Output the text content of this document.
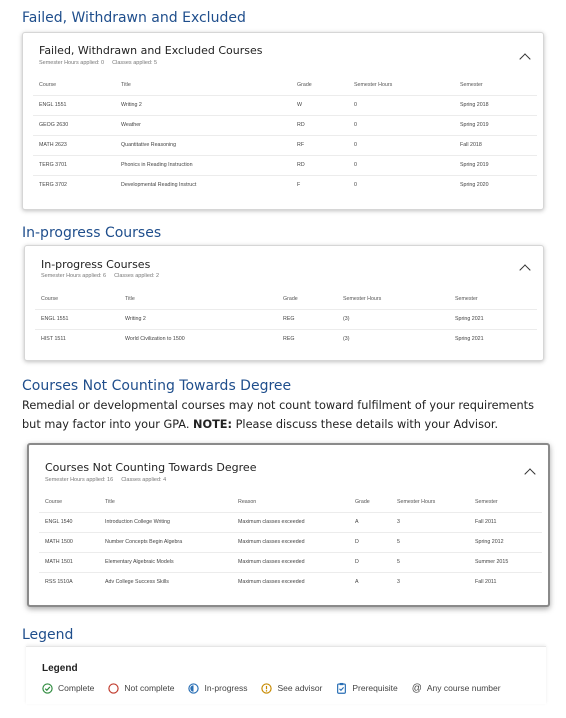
Failed, Withdrawn and Excluded
Failed, Withdrawn and Excluded Courses
Semester Hours applied: 0 Classes applied: 5
Course	Title	Grade	Semester Hours	Semester
ENGL 1551	Writing 2	W	0	Spring 2018
GEOG 2630	Weather	RD	0	Spring 2019
MATH 2623	Quantitative Reasoning	RF	0	Fall 2018
TERG 3701	Phonics in Reading Instruction	RD	0	Spring 2019
TERG 3702	Developmental Reading Instruct	F	0	Spring 2020
In-progress Courses
In-progress Courses
Semester Hours applied: 6 Classes applied: 2
Course	Title	Grade	Semester Hours	Semester
ENGL 1551	Writing 2	REG	(3)	Spring 2021
HIST 1511	World Civilization to 1500	REG	(3)	Spring 2021
Courses Not Counting Towards Degree
Remedial or developmental courses may not count toward fulfilment of your requirements but may factor into your GPA. NOTE: Please discuss these details with your Advisor.
Courses Not Counting Towards Degree
Semester Hours applied: 16 Classes applied: 4
Course	Title	Reason	Grade	Semester Hours	Semester
ENGL 1540	Introduction College Writing	Maximum classes exceeded	A	3	Fall 2011
MATH 1500	Number Concepts Begin Algebra	Maximum classes exceeded	D	5	Spring 2012
MATH 1501	Elementary Algebraic Models	Maximum classes exceeded	D	5	Summer 2015
RSS 1510A	Adv College Success Skills	Maximum classes exceeded	A	3	Fall 2011
Legend
Legend
Complete	Not complete	In-progress	See advisor	Prerequisite @ Any course number
